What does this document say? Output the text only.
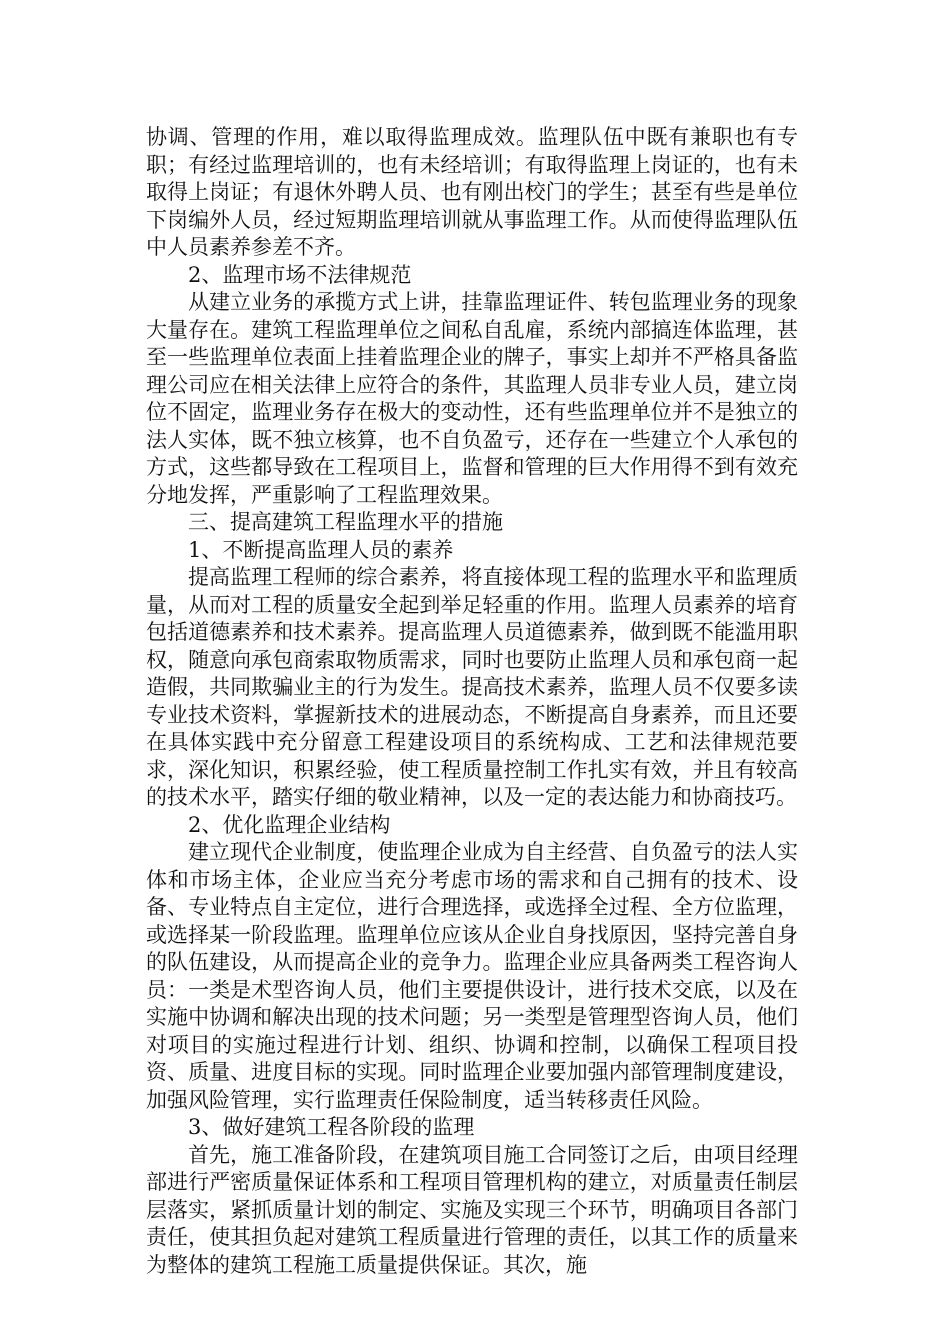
协调、管理的作用，难以取得监理成效。监理队伍中既有兼职也有专职；有经过监理培训的，也有未经培训；有取得监理上岗证的，也有未取得上岗证；有退休外聘人员、也有刚出校门的学生；甚至有些是单位下岗编外人员，经过短期监理培训就从事监理工作。从而使得监理队伍中人员素养参差不齐。

2、监理市场不法律规范

从建立业务的承揽方式上讲，挂靠监理证件、转包监理业务的现象大量存在。建筑工程监理单位之间私自乱雇，系统内部搞连体监理，甚至一些监理单位表面上挂着监理企业的牌子，事实上却并不严格具备监理公司应在相关法律上应符合的条件，其监理人员非专业人员，建立岗位不固定，监理业务存在极大的变动性，还有些监理单位并不是独立的法人实体，既不独立核算，也不自负盈亏，还存在一些建立个人承包的方式，这些都导致在工程项目上，监督和管理的巨大作用得不到有效充分地发挥，严重影响了工程监理效果。

三、提高建筑工程监理水平的措施

1、不断提高监理人员的素养

提高监理工程师的综合素养，将直接体现工程的监理水平和监理质量，从而对工程的质量安全起到举足轻重的作用。监理人员素养的培育包括道德素养和技术素养。提高监理人员道德素养，做到既不能滥用职权，随意向承包商索取物质需求，同时也要防止监理人员和承包商一起造假，共同欺骗业主的行为发生。提高技术素养，监理人员不仅要多读专业技术资料，掌握新技术的进展动态，不断提高自身素养，而且还要在具体实践中充分留意工程建设项目的系统构成、工艺和法律规范要求，深化知识，积累经验，使工程质量控制工作扎实有效，并且有较高的技术水平，踏实仔细的敬业精神，以及一定的表达能力和协商技巧。

2、优化监理企业结构

建立现代企业制度，使监理企业成为自主经营、自负盈亏的法人实体和市场主体，企业应当充分考虑市场的需求和自己拥有的技术、设备、专业特点自主定位，进行合理选择，或选择全过程、全方位监理，或选择某一阶段监理。监理单位应该从企业自身找原因，坚持完善自身的队伍建设，从而提高企业的竞争力。监理企业应具备两类工程咨询人员：一类是术型咨询人员，他们主要提供设计，进行技术交底，以及在实施中协调和解决出现的技术问题；另一类型是管理型咨询人员，他们对项目的实施过程进行计划、组织、协调和控制，以确保工程项目投资、质量、进度目标的实现。同时监理企业要加强内部管理制度建设，加强风险管理，实行监理责任保险制度，适当转移责任风险。

3、做好建筑工程各阶段的监理

首先，施工准备阶段，在建筑项目施工合同签订之后，由项目经理部进行严密质量保证体系和工程项目管理机构的建立，对质量责任制层层落实，紧抓质量计划的制定、实施及实现三个环节，明确项目各部门责任，使其担负起对建筑工程质量进行管理的责任，以其工作的质量来为整体的建筑工程施工质量提供保证。其次，施
